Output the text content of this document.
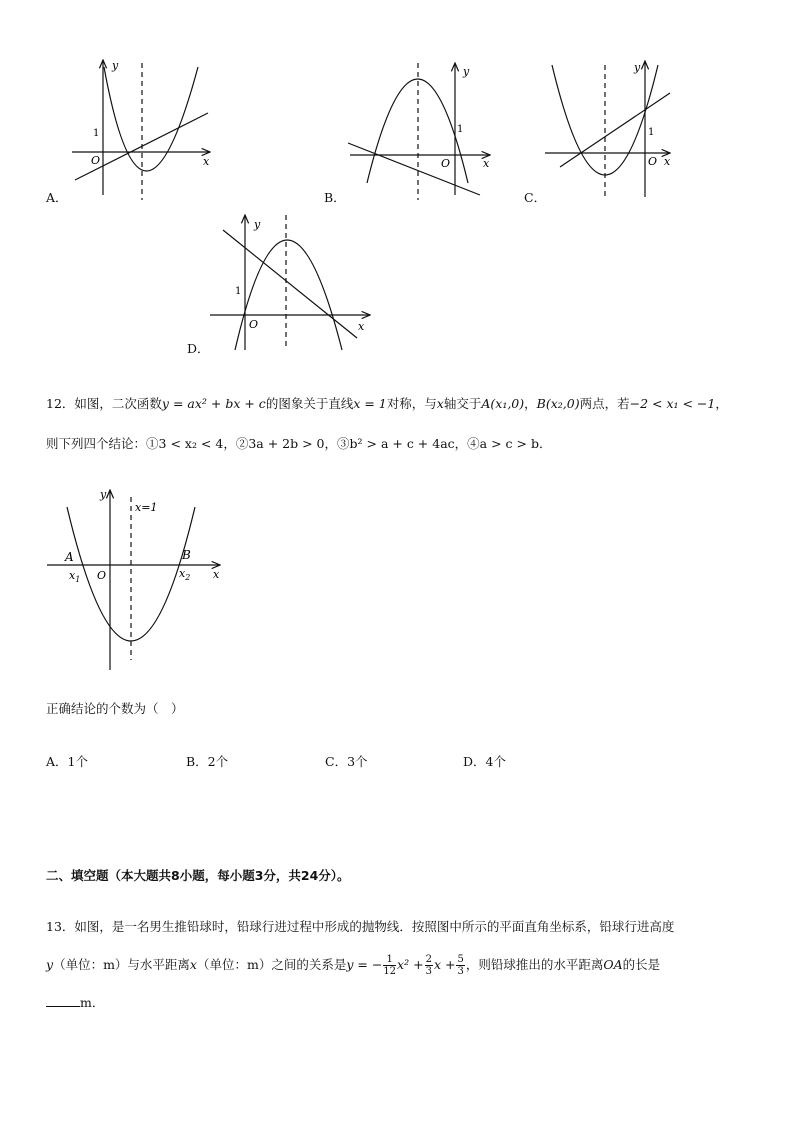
y
x
O
1
A．
y
x
O
1
B．
y
x
O
1
C．
y
x
O
1
D．
12．如图，二次函数y = ax² + bx + c的图象关于直线x = 1对称，与x轴交于A(x₁,0)，B(x₂,0)两点，若−2 < x₁ < −1，
则下列四个结论：①3 < x₂ < 4，②3a + 2b > 0，③b² > a + c + 4ac，④a > c > b．
y
x=1
A	B
$x_1$ O	$x_2$ x
正确结论的个数为（　）
A．1个	B．2个	C．3个	D．4个
二、填空题（本大题共8小题，每小题3分，共24分）。
13．如图，是一名男生推铅球时，铅球行进过程中形成的抛物线．按照图中所示的平面直角坐标系，铅球行进高度
y（单位：m）与水平距离x（单位：m）之间的关系是y = − $\frac{1}{12} x^2 + \frac{2}{3}$ $x + \frac{5}{3}$ ，则铅球推出的水平距离OA的长是
m．
